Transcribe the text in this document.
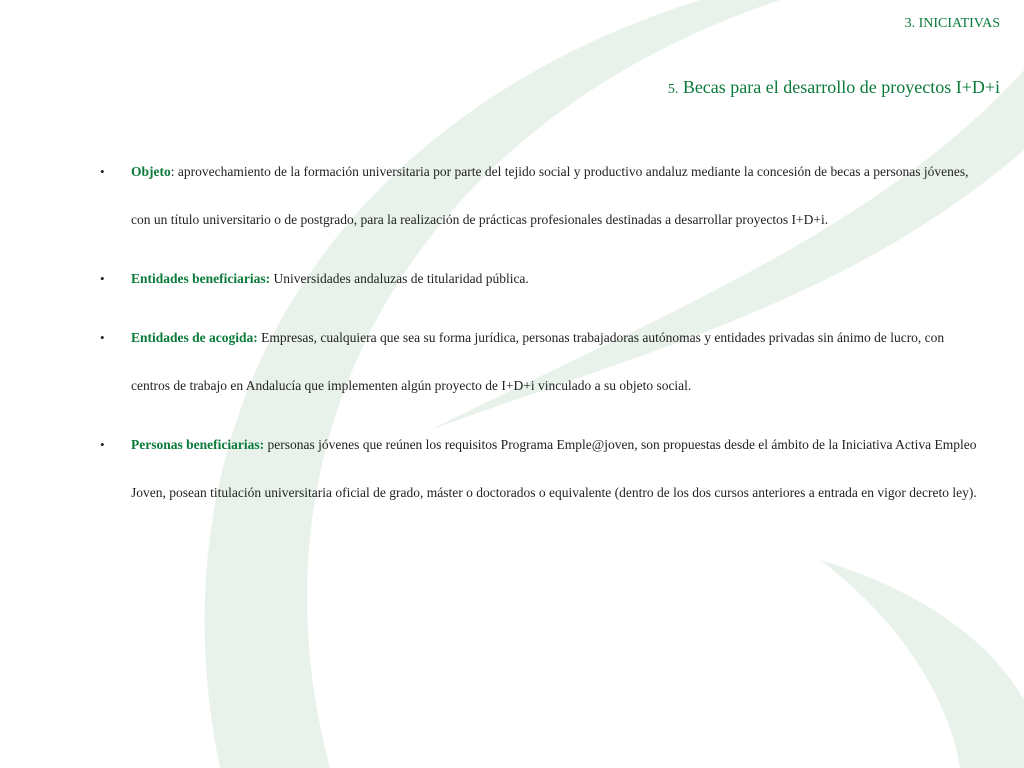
3. INICIATIVAS
5. Becas para el desarrollo de proyectos I+D+i
• Objeto: aprovechamiento de la formación universitaria por parte del tejido social y productivo andaluz mediante la concesión de becas a personas jóvenes, con un título universitario o de postgrado, para la realización de prácticas profesionales destinadas a desarrollar proyectos I+D+i.
• Entidades beneficiarias: Universidades andaluzas de titularidad pública.
• Entidades de acogida: Empresas, cualquiera que sea su forma jurídica, personas trabajadoras autónomas y entidades privadas sin ánimo de lucro, con centros de trabajo en Andalucía que implementen algún proyecto de I+D+i vinculado a su objeto social.
• Personas beneficiarias: personas jóvenes que reúnen los requisitos Programa Emple@joven, son propuestas desde el ámbito de la Iniciativa Activa Empleo Joven, posean titulación universitaria oficial de grado, máster o doctorados o equivalente (dentro de los dos cursos anteriores a entrada en vigor decreto ley).
